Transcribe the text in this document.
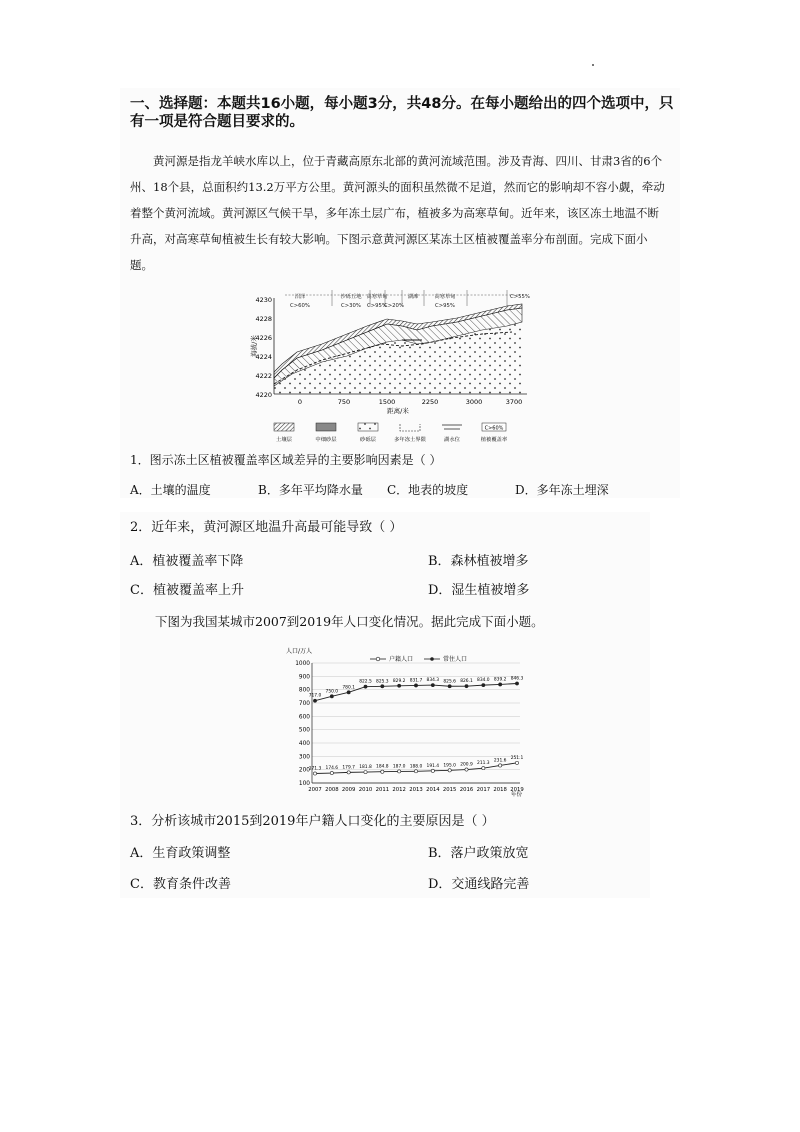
一、选择题：本题共16小题，每小题3分，共48分。在每小题给出的四个选项中，只有一项是符合题目要求的。
黄河源是指龙羊峡水库以上，位于青藏高原东北部的黄河流域范围。涉及青海、四川、甘肃3省的6个州、18个县，总面积约13.2万平方公里。黄河源头的面积虽然微不足道，然而它的影响却不容小觑，牵动着整个黄河流域。黄河源区气候干旱，多年冻土层广布，植被多为高寒草甸。近年来，该区冻土地温不断升高，对高寒草甸植被生长有较大影响。下图示意黄河源区某冻土区植被覆盖率分布剖面。完成下面小题。
海拔/米
4230
4228
4226
4224
4222
4220
沼泽
C>60%
沙砾丘地
C>30%
高寒草甸
C>95%
C>20%
湖滩	高寒草甸
C>95%
C>55%
0	750	1500	2250	3000	3700
距离/米
土壤层	中细砂层	砂砾层	多年冻土界限	湖水位
C>60%
植被覆盖率
1．图示冻土区植被覆盖率区域差异的主要影响因素是（ ）
A．土壤的温度	B．多年平均降水量 C．地表的坡度	D．多年冻土埋深
2．近年来，黄河源区地温升高最可能导致（ ）
A．植被覆盖率下降	B．森林植被增多
C．植被覆盖率上升	D．湿生植被增多
下图为我国某城市2007到2019年人口变化情况。据此完成下面小题。
人口/万人
户籍人口	常住人口
100
200
300
400
500
600
700
800
900
1000
2007 2008 2009 2010 2011 2012 2013 2014 2015 2016 2017 2018 2019
171.3 174.6 179.7 181.8 184.8 187.0 188.0 191.4 195.0 200.9 211.3
231.6
251.1
717.0
750.0
780.1
822.5 825.3 829.2 831.7 834.3 825.6 826.1 834.0 839.2 846.3
年份
3．分析该城市2015到2019年户籍人口变化的主要原因是（ ）
A．生育政策调整	B．落户政策放宽
C．教育条件改善	D．交通线路完善
